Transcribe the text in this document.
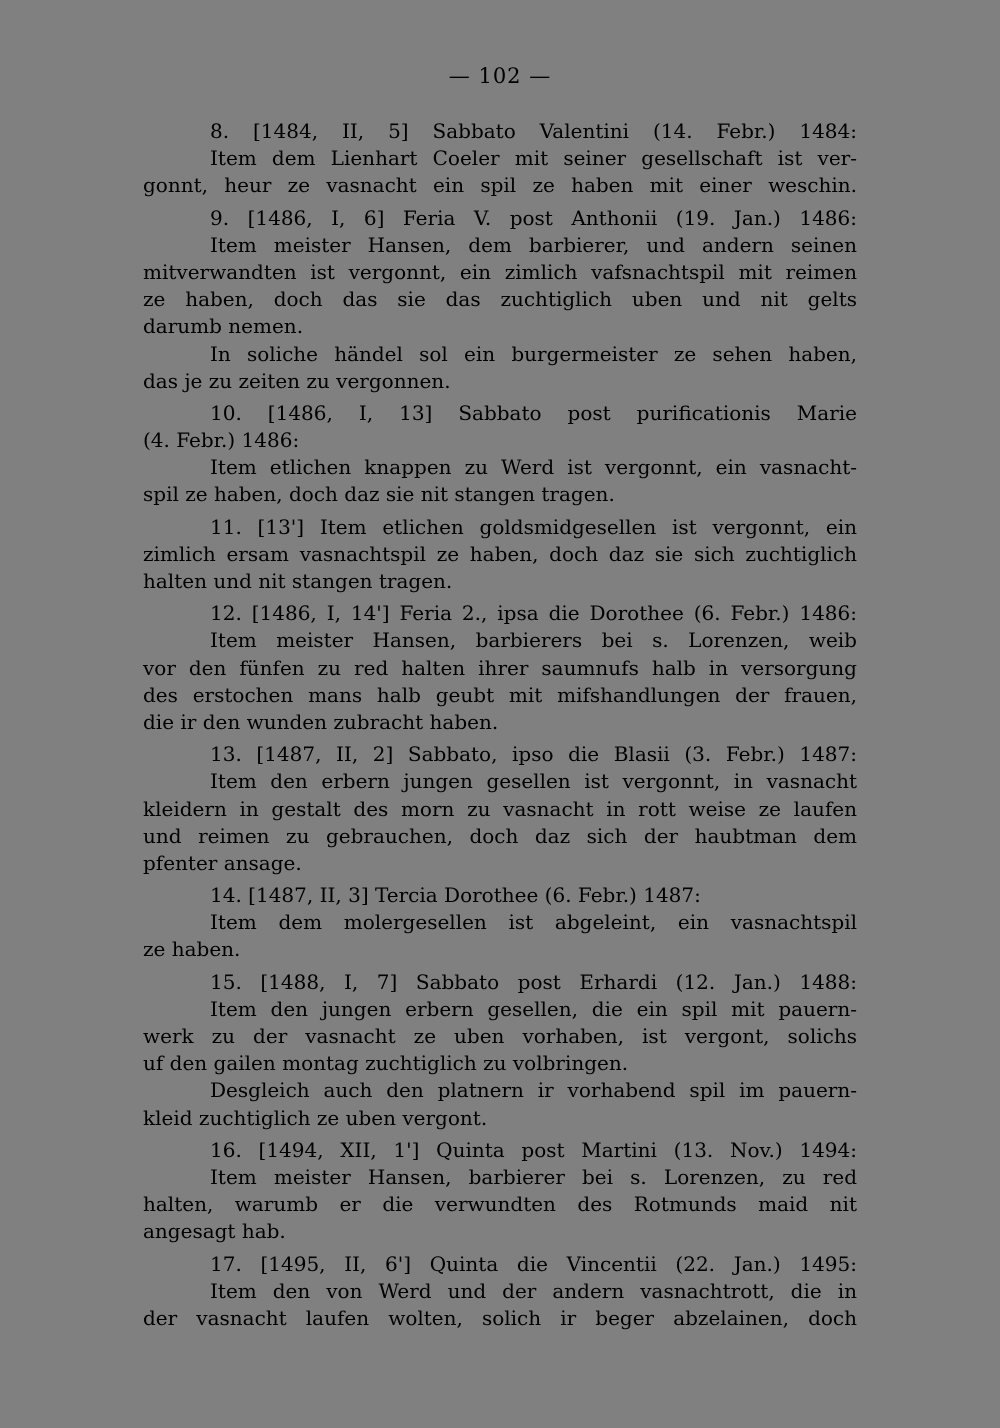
— 102 —
8. [1484, II, 5] Sabbato Valentini (14. Febr.) 1484:
Item dem Lienhart Coeler mit seiner gesellschaft ist ver-
gonnt, heur ze vasnacht ein spil ze haben mit einer weschin.
9. [1486, I, 6] Feria V. post Anthonii (19. Jan.) 1486:
Item meister Hansen, dem barbierer, und andern seinen
mitverwandten ist vergonnt, ein zimlich vafsnachtspil mit reimen
ze haben, doch das sie das zuchtiglich uben und nit gelts
darumb nemen.
In soliche händel sol ein burgermeister ze sehen haben,
das je zu zeiten zu vergonnen.
10. [1486, I, 13] Sabbato post purificationis Marie
(4. Febr.) 1486:
Item etlichen knappen zu Werd ist vergonnt, ein vasnacht-
spil ze haben, doch daz sie nit stangen tragen.
11. [13'] Item etlichen goldsmidgesellen ist vergonnt, ein
zimlich ersam vasnachtspil ze haben, doch daz sie sich zuchtiglich
halten und nit stangen tragen.
12. [1486, I, 14'] Feria 2., ipsa die Dorothee (6. Febr.) 1486:
Item meister Hansen, barbierers bei s. Lorenzen, weib
vor den fünfen zu red halten ihrer saumnufs halb in versorgung
des erstochen mans halb geubt mit mifshandlungen der frauen,
die ir den wunden zubracht haben.
13. [1487, II, 2] Sabbato, ipso die Blasii (3. Febr.) 1487:
Item den erbern jungen gesellen ist vergonnt, in vasnacht
kleidern in gestalt des morn zu vasnacht in rott weise ze laufen
und reimen zu gebrauchen, doch daz sich der haubtman dem
pfenter ansage.
14. [1487, II, 3] Tercia Dorothee (6. Febr.) 1487:
Item dem molergesellen ist abgeleint, ein vasnachtspil
ze haben.
15. [1488, I, 7] Sabbato post Erhardi (12. Jan.) 1488:
Item den jungen erbern gesellen, die ein spil mit pauern-
werk zu der vasnacht ze uben vorhaben, ist vergont, solichs
uf den gailen montag zuchtiglich zu volbringen.
Desgleich auch den platnern ir vorhabend spil im pauern-
kleid zuchtiglich ze uben vergont.
16. [1494, XII, 1'] Quinta post Martini (13. Nov.) 1494:
Item meister Hansen, barbierer bei s. Lorenzen, zu red
halten, warumb er die verwundten des Rotmunds maid nit
angesagt hab.
17. [1495, II, 6'] Quinta die Vincentii (22. Jan.) 1495:
Item den von Werd und der andern vasnachtrott, die in
der vasnacht laufen wolten, solich ir beger abzelainen, doch
